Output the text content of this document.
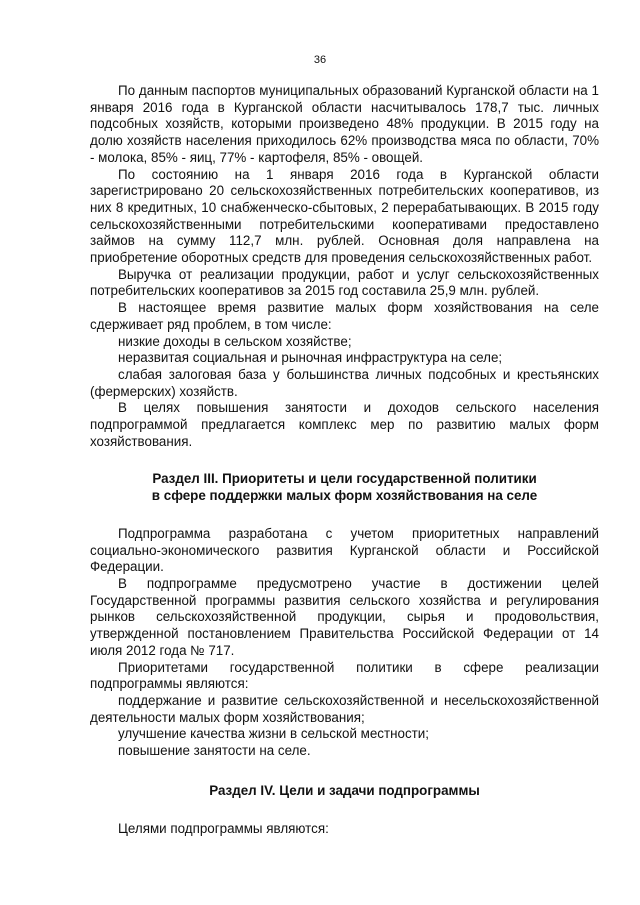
36

По данным паспортов муниципальных образований Курганской области на 1 января 2016 года в Курганской области насчитывалось 178,7 тыс. личных подсобных хозяйств, которыми произведено 48% продукции. В 2015 году на долю хозяйств населения приходилось 62% производства мяса по области, 70% - молока, 85% - яиц, 77% - картофеля, 85% - овощей.

По состоянию на 1 января 2016 года в Курганской области зарегистрировано 20 сельскохозяйственных потребительских кооперативов, из них 8 кредитных, 10 снабженческо-сбытовых, 2 перерабатывающих. В 2015 году сельскохозяйственными потребительскими кооперативами предоставлено займов на сумму 112,7 млн. рублей. Основная доля направлена на приобретение оборотных средств для проведения сельскохозяйственных работ.

Выручка от реализации продукции, работ и услуг сельскохозяйственных потребительских кооперативов за 2015 год составила 25,9 млн. рублей.

В настоящее время развитие малых форм хозяйствования на селе сдерживает ряд проблем, в том числе:

низкие доходы в сельском хозяйстве;

неразвитая социальная и рыночная инфраструктура на селе;

слабая залоговая база у большинства личных подсобных и крестьянских (фермерских) хозяйств.

В целях повышения занятости и доходов сельского населения подпрограммой предлагается комплекс мер по развитию малых форм хозяйствования.

Раздел III. Приоритеты и цели государственной политики
в сфере поддержки малых форм хозяйствования на селе

Подпрограмма разработана с учетом приоритетных направлений социально-экономического развития Курганской области и Российской Федерации.

В подпрограмме предусмотрено участие в достижении целей Государственной программы развития сельского хозяйства и регулирования рынков сельскохозяйственной продукции, сырья и продовольствия, утвержденной постановлением Правительства Российской Федерации от 14 июля 2012 года № 717.

Приоритетами государственной политики в сфере реализации подпрограммы являются:

поддержание и развитие сельскохозяйственной и несельскохозяйственной деятельности малых форм хозяйствования;

улучшение качества жизни в сельской местности;

повышение занятости на селе.

Раздел IV. Цели и задачи подпрограммы

Целями подпрограммы являются:
